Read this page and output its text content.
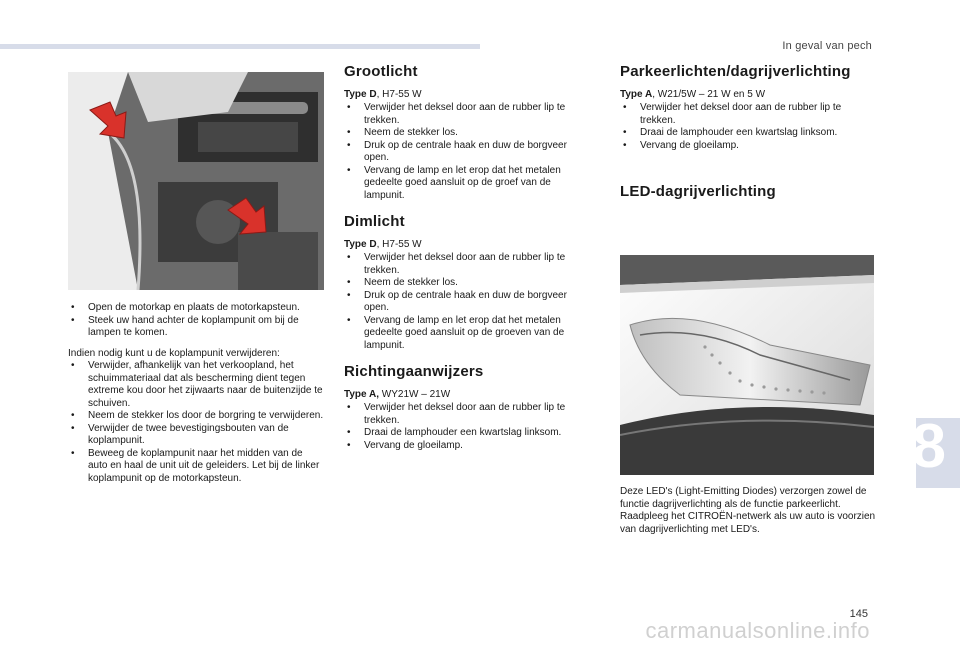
In geval van pech
8
• Open de motorkap en plaats de motorkapsteun.
• Steek uw hand achter de koplampunit om bij de lampen te komen.

Indien nodig kunt u de koplampunit verwijderen:

• Verwijder, afhankelijk van het verkoopland, het schuimmateriaal dat als bescherming dient tegen extreme kou door het zijwaarts naar de buitenzijde te schuiven.
• Neem de stekker los door de borgring te verwijderen.
• Verwijder de twee bevestigingsbouten van de koplampunit.
• Beweeg de koplampunit naar het midden van de auto en haal de unit uit de geleiders. Let bij de linker koplampunit op de motorkapsteun.
Grootlicht
Type D, H7-55 W
• Verwijder het deksel door aan de rubber lip te trekken.
• Neem de stekker los.
• Druk op de centrale haak en duw de borgveer open.
• Vervang de lamp en let erop dat het metalen gedeelte goed aansluit op de groef van de lampunit.
Dimlicht
Type D, H7-55 W
• Verwijder het deksel door aan de rubber lip te trekken.
• Neem de stekker los.
• Druk op de centrale haak en duw de borgveer open.
• Vervang de lamp en let erop dat het metalen gedeelte goed aansluit op de groeven van de lampunit.
Richtingaanwijzers
Type A, WY21W – 21W
• Verwijder het deksel door aan de rubber lip te trekken.
• Draai de lamphouder een kwartslag linksom.
• Vervang de gloeilamp.
Parkeerlichten/dagrijverlichting
Type A, W21/5W – 21 W en 5 W
• Verwijder het deksel door aan de rubber lip te trekken.
• Draai de lamphouder een kwartslag linksom.
• Vervang de gloeilamp.
LED-dagrijverlichting
Deze LED's (Light-Emitting Diodes) verzorgen zowel de functie dagrijverlichting als de functie parkeerlicht. Raadpleeg het CITROËN-netwerk als uw auto is voorzien van dagrijverlichting met LED's.
145
carmanualsonline.info
